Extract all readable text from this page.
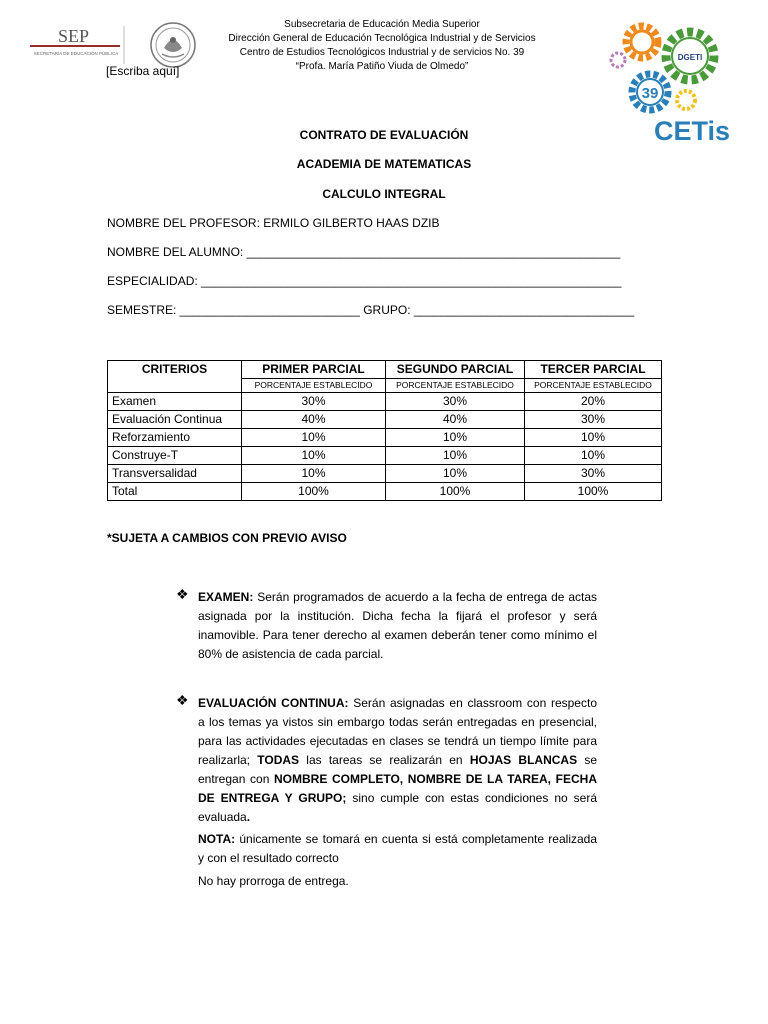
SEP
SECRETARÍA DE EDUCACIÓN PÚBLICA
[Escriba aquí]
Subsecretaria de Educación Media Superior
Dirección General de Educación Tecnológica Industrial y de Servicios
Centro de Estudios Tecnológicos Industrial y de servicios No. 39
“Profa. María Patiño Viuda de Olmedo”
DGETI
39
CETis
CONTRATO DE EVALUACIÓN
ACADEMIA DE MATEMATICAS
CALCULO INTEGRAL
NOMBRE DEL PROFESOR: ERMILO GILBERTO HAAS DZIB
NOMBRE DEL ALUMNO: ________________________________________________________
ESPECIALIDAD: _______________________________________________________________
SEMESTRE: ___________________________ GRUPO: _________________________________
CRITERIOS	PRIMER PARCIAL	SEGUNDO PARCIAL	TERCER PARCIAL
	PORCENTAJE ESTABLECIDO	PORCENTAJE ESTABLECIDO	PORCENTAJE ESTABLECIDO
Examen	30%	30%	20%
Evaluación Continua	40%	40%	30%
Reforzamiento	10%	10%	10%
Construye-T	10%	10%	10%
Transversalidad	10%	10%	30%
Total	100%	100%	100%
*SUJETA A CAMBIOS CON PREVIO AVISO
❖ EXAMEN: Serán programados de acuerdo a la fecha de entrega de actas asignada por la institución. Dicha fecha la fijará el profesor y será inamovible. Para tener derecho al examen deberán tener como mínimo el 80% de asistencia de cada parcial.
❖ EVALUACIÓN CONTINUA: Serán asignadas en classroom con respecto a los temas ya vistos sin embargo todas serán entregadas en presencial, para las actividades ejecutadas en clases se tendrá un tiempo límite para realizarla; TODAS las tareas se realizarán en HOJAS BLANCAS se entregan con NOMBRE COMPLETO, NOMBRE DE LA TAREA, FECHA DE ENTREGA Y GRUPO; sino cumple con estas condiciones no será evaluada.
NOTA: únicamente se tomará en cuenta si está completamente realizada y con el resultado correcto
No hay prorroga de entrega.
